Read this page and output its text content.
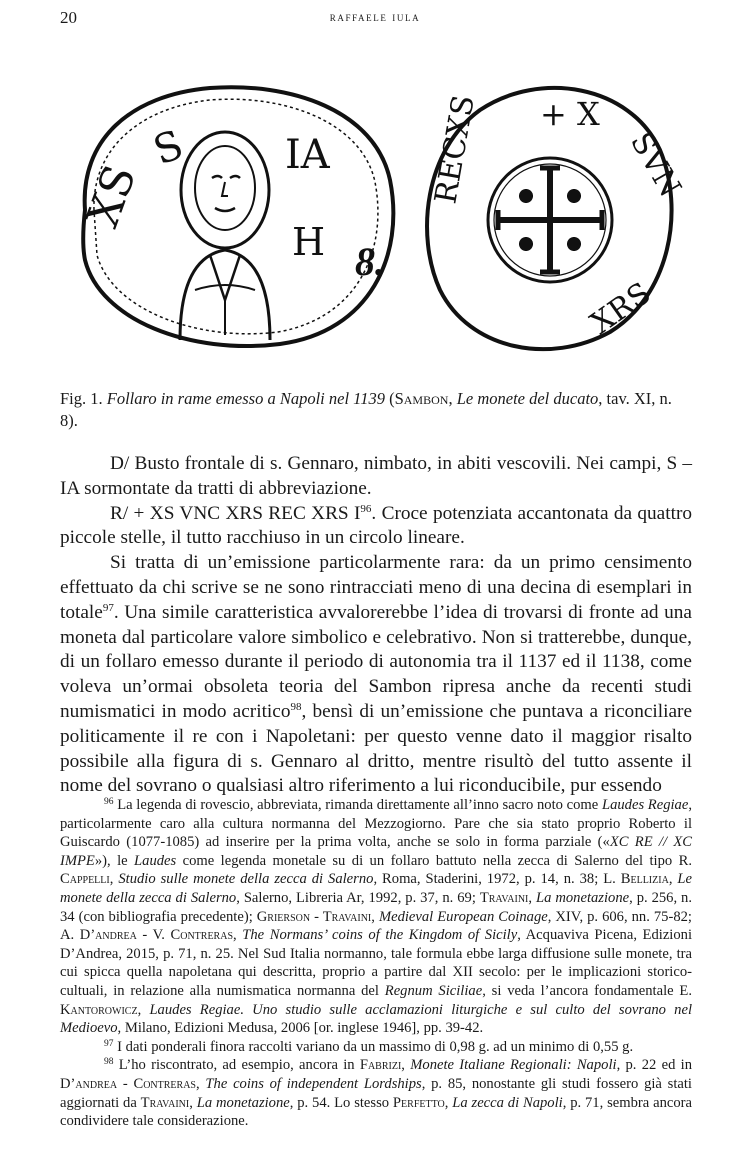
20	raffaele iula
XS
S IA
H 8.
RECXS + X
SVN
XRS
Fig. 1. Follaro in rame emesso a Napoli nel 1139 (Sambon, Le monete del ducato, tav. XI, n. 8).

D/ Busto frontale di s. Gennaro, nimbato, in abiti vescovili. Nei campi, S – IA sormontate da tratti di abbreviazione.

R/ + XS VNC XRS REC XRS $I^{96}$. Croce potenziata accantonata da quattro piccole stelle, il tutto racchiuso in un circolo lineare.

Si tratta di un’emissione particolarmente rara: da un primo censimento effettuato da chi scrive se ne sono rintracciati meno di una decina di esemplari in totale$^{97}$. Una simile caratteristica avvalorerebbe l’idea di trovarsi di fronte ad una moneta dal particolare valore simbolico e celebrativo. Non si tratterebbe, dunque, di un follaro emesso durante il periodo di autonomia tra il 1137 ed il 1138, come voleva un’ormai obsoleta teoria del Sambon ripresa anche da recenti studi numismatici in modo acritico$^{98}$, bensì di un’emissione che puntava a riconciliare politicamente il re con i Napoletani: per questo venne dato il maggior risalto possibile alla figura di s. Gennaro al dritto, mentre risultò del tutto assente il nome del sovrano o qualsiasi altro riferimento a lui riconducibile, pur essendo

$^{96}$ La legenda di rovescio, abbreviata, rimanda direttamente all’inno sacro noto come Laudes Regiae, particolarmente caro alla cultura normanna del Mezzogiorno. Pare che sia stato proprio Roberto il Guiscardo (1077-1085) ad inserire per la prima volta, anche se solo in forma parziale («XC RE // XC IMPE»), le Laudes come legenda monetale su di un follaro battuto nella zecca di Salerno del tipo R. Cappelli, Studio sulle monete della zecca di Salerno, Roma, Staderini, 1972, p. 14, n. 38; L. Bellizia, Le monete della zecca di Salerno, Salerno, Libreria Ar, 1992, p. 37, n. 69; Travaini, La monetazione, p. 256, n. 34 (con bibliografia precedente); Grierson - Travaini, Medieval European Coinage, XIV, p. 606, nn. 75-82; A. D’andrea - V. Contreras, The Normans’ coins of the Kingdom of Sicily, Acquaviva Picena, Edizioni D’Andrea, 2015, p. 71, n. 25. Nel Sud Italia normanno, tale formula ebbe larga diffusione sulle monete, tra cui spicca quella napoletana qui descritta, proprio a partire dal XII secolo: per le implicazioni storico-cultuali, in relazione alla numismatica normanna del Regnum Siciliae, si veda l’ancora fondamentale E. Kantorowicz, Laudes Regiae. Uno studio sulle acclamazioni liturgiche e sul culto del sovrano nel Medioevo, Milano, Edizioni Medusa, 2006 [or. inglese 1946], pp. 39-42.

$^{97}$ I dati ponderali finora raccolti variano da un massimo di 0,98 g. ad un minimo di 0,55 g.

$^{98}$ L’ho riscontrato, ad esempio, ancora in Fabrizi, Monete Italiane Regionali: Napoli, p. 22 ed in D’andrea - Contreras, The coins of independent Lordships, p. 85, nonostante gli studi fossero già stati aggiornati da Travaini, La monetazione, p. 54. Lo stesso Perfetto, La zecca di Napoli, p. 71, sembra ancora condividere tale considerazione.
